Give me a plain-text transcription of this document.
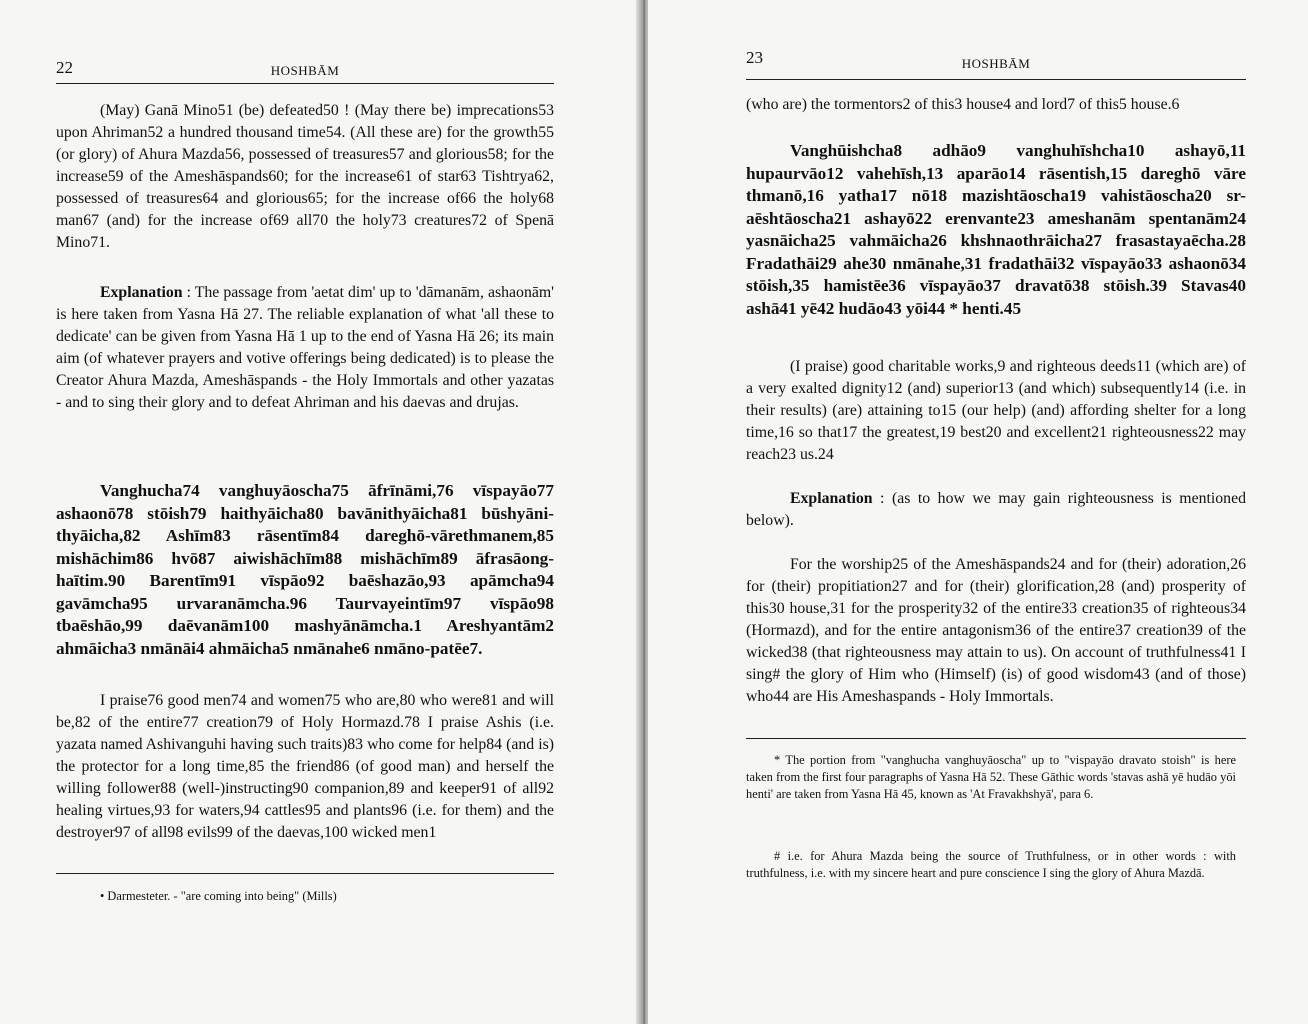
22	HOSHBĀM
(May) Ganā Mino51 (be) defeated50 ! (May there be) imprecations53 upon Ahriman52 a hundred thousand time54. (All these are) for the growth55 (or glory) of Ahura Mazda56, possessed of treasures57 and glorious58; for the increase59 of the Ameshāspands60; for the increase61 of star63 Tishtrya62, possessed of treasures64 and glorious65; for the increase of66 the holy68 man67 (and) for the increase of69 all70 the holy73 creatures72 of Spenā Mino71.
Explanation : The passage from 'aetat dim' up to 'dāmanām, ashaonām' is here taken from Yasna Hā 27. The reliable explanation of what 'all these to dedicate' can be given from Yasna Hā 1 up to the end of Yasna Hā 26; its main aim (of whatever prayers and votive offerings being dedicated) is to please the Creator Ahura Mazda, Ameshāspands - the Holy Immortals and other yazatas - and to sing their glory and to defeat Ahriman and his daevas and drujas.
Vanghucha74 vanghuyāoscha75 āfrīnāmi,76 vīspayāo77 ashaonō78 stōish79 haithyāicha80 bavānithyāicha81 būshyāni-thyāicha,82 Ashīm83 rāsentīm84 dareghō-vārethmanem,85 mishāchim86 hvō87 aiwishāchīm88 mishāchīm89 āfrasāong-haītim.90 Barentīm91 vīspāo92 baēshazāo,93 apāmcha94 gavāmcha95 urvaranāmcha.96 Taurvayeintīm97 vīspāo98 tbaēshāo,99 daēvanām100 mashyānāmcha.1 Areshyantām2 ahmāicha3 nmānāi4 ahmāicha5 nmānahe6 nmāno-patēe7.
I praise76 good men74 and women75 who are,80 who were81 and will be,82 of the entire77 creation79 of Holy Hormazd.78 I praise Ashis (i.e. yazata named Ashivanguhi having such traits)83 who come for help84 (and is) the protector for a long time,85 the friend86 (of good man) and herself the willing follower88 (well-)instructing90 companion,89 and keeper91 of all92 healing virtues,93 for waters,94 cattles95 and plants96 (i.e. for them) and the destroyer97 of all98 evils99 of the daevas,100 wicked men1
• Darmesteter. - "are coming into being" (Mills)
23	HOSHBĀM
(who are) the tormentors2 of this3 house4 and lord7 of this5 house.6
Vanghūishcha8 adhāo9 vanghuhīshcha10 ashayō,11 hupaurvāo12 vahehīsh,13 aparāo14 rāsentish,15 dareghō vāre thmanō,16 yatha17 nō18 mazishtāoscha19 vahistāoscha20 sr-aēshtāoscha21 ashayō22 erenvante23 ameshanām spentanām24 yasnāicha25 vahmāicha26 khshnaothrāicha27 frasastayaēcha.28 Fradathāi29 ahe30 nmānahe,31 fradathāi32 vīspayāo33 ashaonō34 stōish,35 hamistēe36 vīspayāo37 dravatō38 stōish.39 Stavas40 ashā41 yē42 hudāo43 yōi44 * henti.45
(I praise) good charitable works,9 and righteous deeds11 (which are) of a very exalted dignity12 (and) superior13 (and which) subsequently14 (i.e. in their results) (are) attaining to15 (our help) (and) affording shelter for a long time,16 so that17 the greatest,19 best20 and excellent21 righteousness22 may reach23 us.24
Explanation : (as to how we may gain righteousness is mentioned below).
For the worship25 of the Ameshāspands24 and for (their) adoration,26 for (their) propitiation27 and for (their) glorification,28 (and) prosperity of this30 house,31 for the prosperity32 of the entire33 creation35 of righteous34 (Hormazd), and for the entire antagonism36 of the entire37 creation39 of the wicked38 (that righteousness may attain to us). On account of truthfulness41 I sing# the glory of Him who (Himself) (is) of good wisdom43 (and of those) who44 are His Ameshaspands - Holy Immortals.
* The portion from "vanghucha vanghuyāoscha" up to "vispayāo dravato stoish" is here taken from the first four paragraphs of Yasna Hā 52. These Gāthic words 'stavas ashā yē hudāo yōi henti' are taken from Yasna Hā 45, known as 'At Fravakhshyā', para 6.
# i.e. for Ahura Mazda being the source of Truthfulness, or in other words : with truthfulness, i.e. with my sincere heart and pure conscience I sing the glory of Ahura Mazdā.
